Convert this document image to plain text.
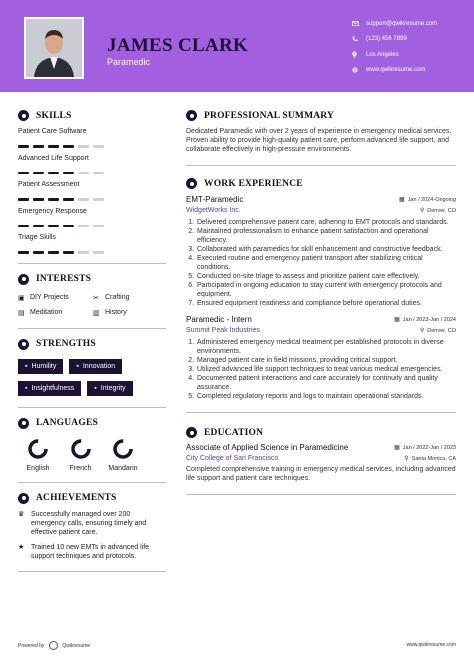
JAMES CLARK
Paramedic
support@qwikresume.com
(123) 456 7899
Los Angeles
www.qwikresume.com
SKILLS
Patient Care Software
Advanced Life Support
Patient Assessment
Emergency Response
Triage Skills
INTERESTS
▣ DIY Projects	✂ Crafting
▤ Meditation	▥ History
STRENGTHS
▪ Humility	▪ Innovation
▪ Insightfulness	▪ Integrity
LANGUAGES
English	French Mandarin
ACHIEVEMENTS
♛ Successfully managed over 200 emergency calls, ensuring timely and effective patient care.

★ Trained 10 new EMTs in advanced life support techniques and protocols.

PROFESSIONAL SUMMARY

Dedicated Paramedic with over 2 years of experience in emergency medical services. Proven ability to provide high-quality patient care, perform advanced life support, and collaborate effectively in high-pressure environments.

WORK EXPERIENCE
EMT-Paramedic	▦ Jan / 2024-Ongoing
WidgetWorks Inc.	⚲ Denver, CO
1. Delivered comprehensive patient care, adhering to EMT protocols and standards.
2. Maintained professionalism to enhance patient satisfaction and operational efficiency.
3. Collaborated with paramedics for skill enhancement and constructive feedback.
4. Executed routine and emergency patient transport after stabilizing critical conditions.
5. Conducted on-site triage to assess and prioritize patient care effectively.
6. Participated in ongoing education to stay current with emergency protocols and equipment.
7. Ensured equipment readiness and compliance before operational duties.
Paramedic - Intern	▦ Jan / 2023-Jan / 2024
Summit Peak Industries	⚲ Denver, CO
1. Administered emergency medical treatment per established protocols in diverse environments.
2. Managed patient care in field missions, providing critical support.
3. Utilized advanced life support techniques to treat various medical emergencies.
4. Documented patient interactions and care accurately for continuity and quality assurance.
5. Completed regulatory reports and logs to maintain operational standards.
EDUCATION
Associate of Applied Science in Paramedicine	▦ Jan / 2022-Jan / 2023
City College of San Francisco	⚲ Santa Monica, CA

Completed comprehensive training in emergency medical services, including advanced life support and patient care techniques.

Powered by	Qwikresume	www.qwikresume.com
